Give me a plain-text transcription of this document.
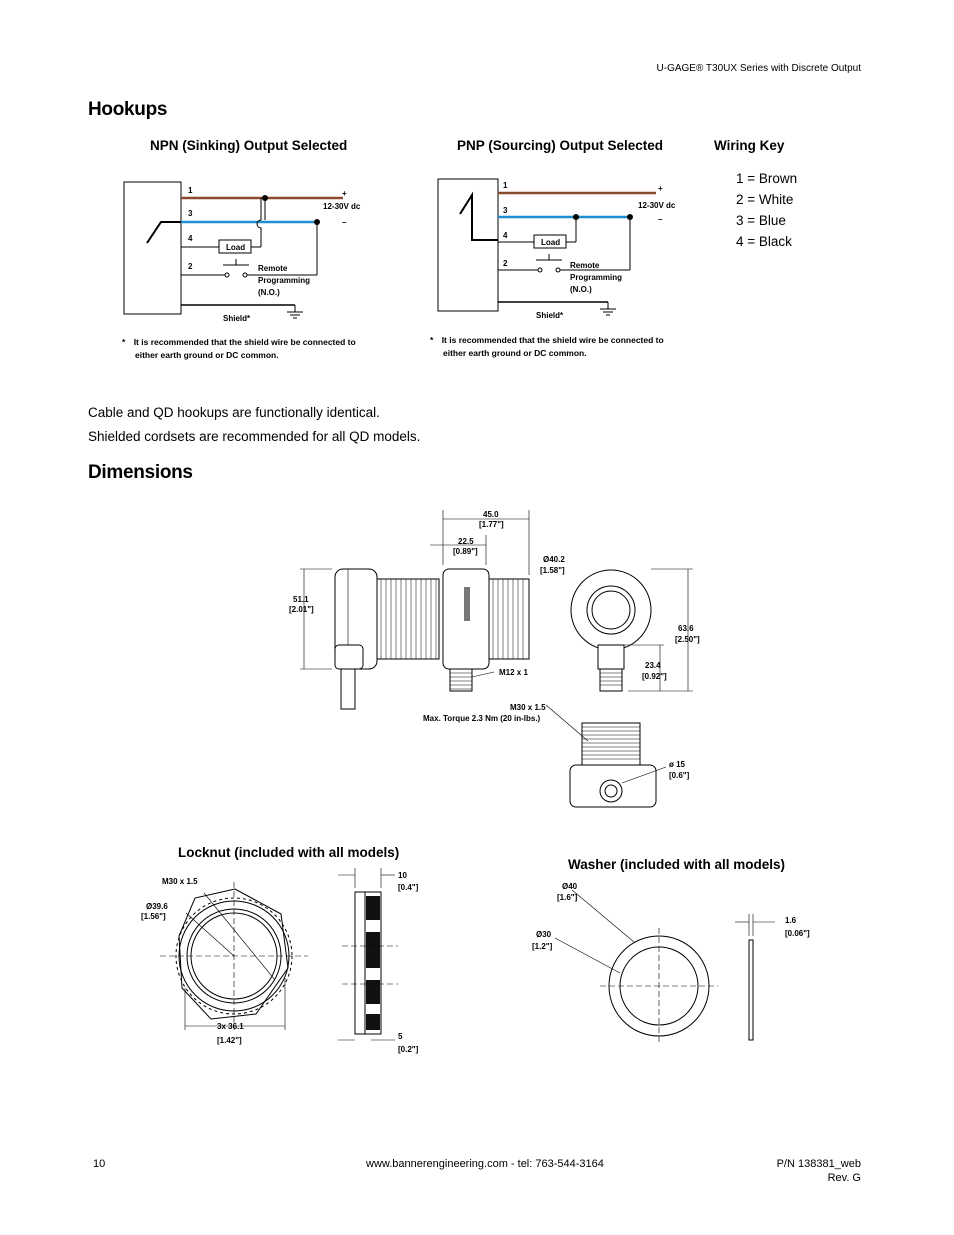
U-GAGE® T30UX Series with Discrete Output
Hookups
NPN (Sinking) Output Selected	PNP (Sourcing) Output Selected	Wiring Key
1 = Brown
2 = White
3 = Blue
4 = Black
1
3
4
2
Load
Remote
Programming
(N.O.)
+
12-30V dc
–
Shield*
* It is recommended that the shield wire be connected to
either earth ground or DC common.
1
3
4
2
Load
Remote
Programming
(N.O.)
+
12-30V dc
–
Shield*
* It is recommended that the shield wire be connected to
either earth ground or DC common.
Cable and QD hookups are functionally identical.
Shielded cordsets are recommended for all QD models.
Dimensions
51.1
[2.01"]
45.0
[1.77"]
22.5
[0.89"]
M12 x 1
Ø40.2
[1.58"]
63.6
[2.50"]
23.4
[0.92"]
M30 x 1.5
Max. Torque 2.3 Nm (20 in-lbs.)
ø 15
[0.6"]
Locknut (included with all models)
M30 x 1.5
Ø39.6
[1.56"]
3x 36.1
[1.42"]
10
[0.4"]
5
[0.2"]
Washer (included with all models)
Ø40
[1.6"]
Ø30
[1.2"]
1.6
[0.06"]
10	www.bannerengineering.com - tel: 763-544-3164	P/N 138381_web
Rev. G
